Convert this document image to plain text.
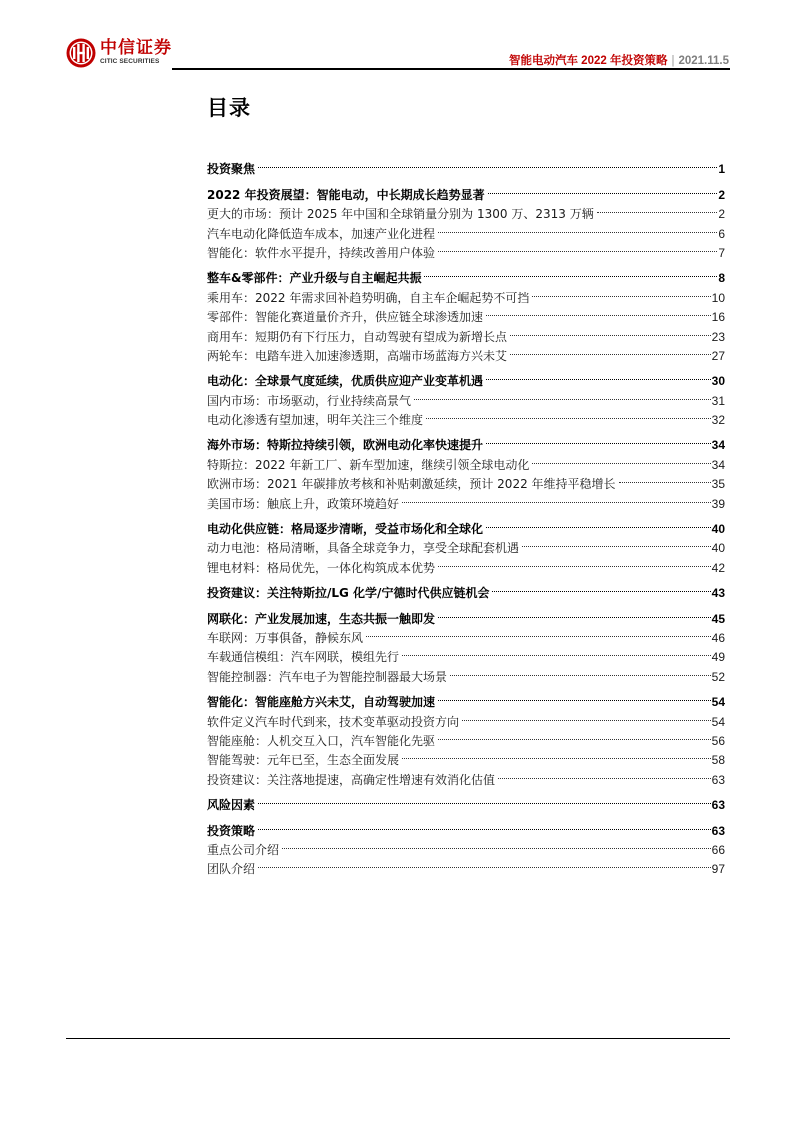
中信证券
CITIC SECURITIES	智能电动汽车 2022 年投资策略 | 2021.11.5
目录
投资聚焦	1
2022 年投资展望：智能电动，中长期成长趋势显著	2
更大的市场：预计 2025 年中国和全球销量分别为 1300 万、2313 万辆	2
汽车电动化降低造车成本，加速产业化进程	6
智能化：软件水平提升，持续改善用户体验	7
整车&零部件：产业升级与自主崛起共振	8
乘用车：2022 年需求回补趋势明确，自主车企崛起势不可挡	10
零部件：智能化赛道量价齐升，供应链全球渗透加速	16
商用车：短期仍有下行压力，自动驾驶有望成为新增长点	23
两轮车：电踏车进入加速渗透期，高端市场蓝海方兴未艾	27
电动化：全球景气度延续，优质供应迎产业变革机遇	30
国内市场：市场驱动，行业持续高景气	31
电动化渗透有望加速，明年关注三个维度	32
海外市场：特斯拉持续引领，欧洲电动化率快速提升	34
特斯拉：2022 年新工厂、新车型加速，继续引领全球电动化	34
欧洲市场：2021 年碳排放考核和补贴刺激延续，预计 2022 年维持平稳增长	35
美国市场：触底上升，政策环境趋好	39
电动化供应链：格局逐步清晰，受益市场化和全球化	40
动力电池：格局清晰，具备全球竞争力，享受全球配套机遇	40
锂电材料：格局优先，一体化构筑成本优势	42
投资建议：关注特斯拉/LG 化学/宁德时代供应链机会	43
网联化：产业发展加速，生态共振一触即发	45
车联网：万事俱备，静候东风	46
车载通信模组：汽车网联，模组先行	49
智能控制器：汽车电子为智能控制器最大场景	52
智能化：智能座舱方兴未艾，自动驾驶加速	54
软件定义汽车时代到来，技术变革驱动投资方向	54
智能座舱：人机交互入口，汽车智能化先驱	56
智能驾驶：元年已至，生态全面发展	58
投资建议：关注落地提速，高确定性增速有效消化估值	63
风险因素	63
投资策略	63
重点公司介绍	66
团队介绍	97
